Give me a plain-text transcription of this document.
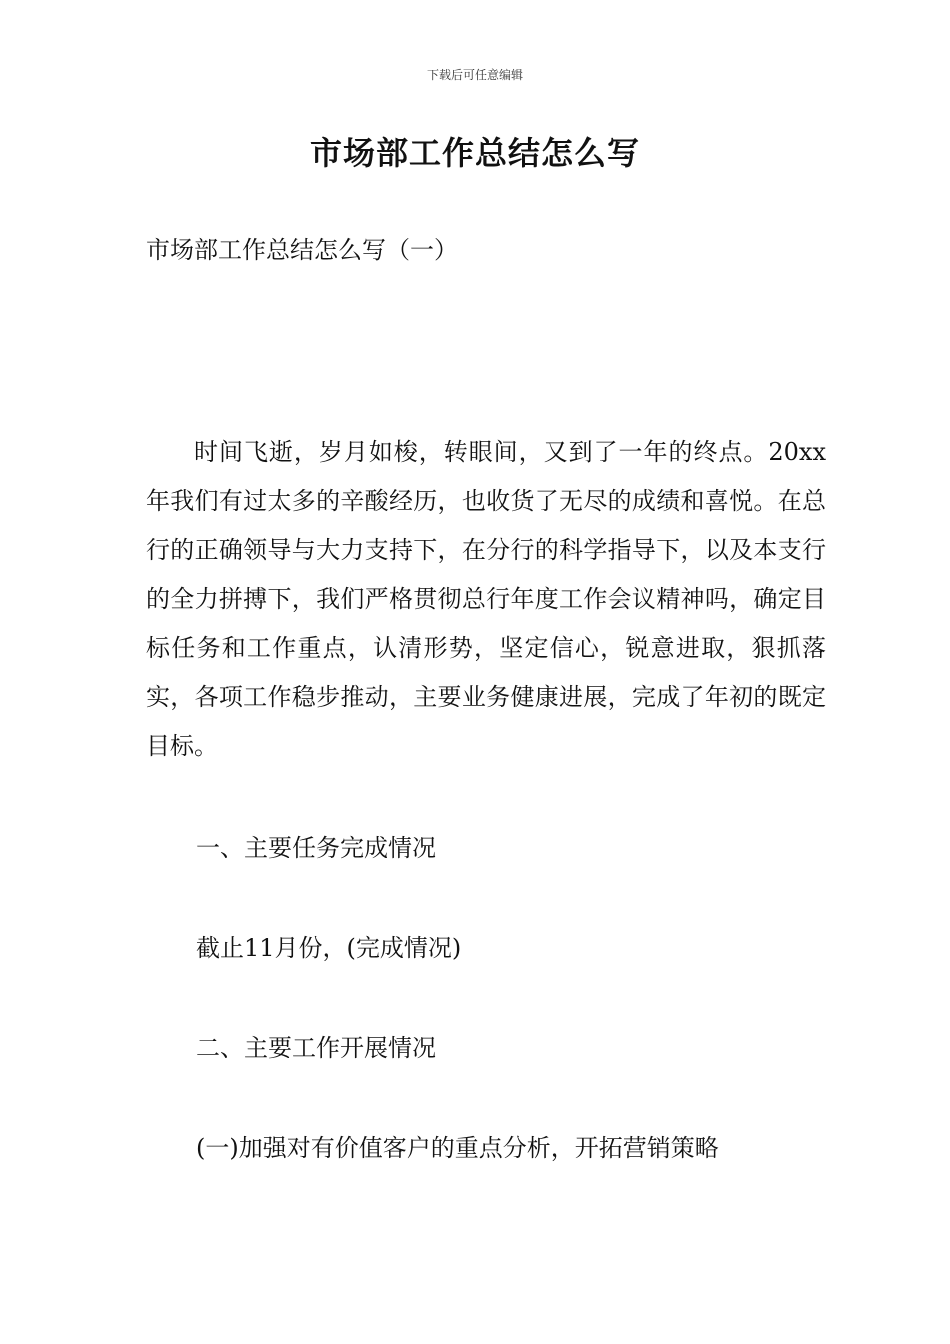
下载后可任意编辑
市场部工作总结怎么写
市场部工作总结怎么写（一）

时间飞逝，岁月如梭，转眼间，又到了一年的终点。20xx年我们有过太多的辛酸经历，也收货了无尽的成绩和喜悦。在总行的正确领导与大力支持下，在分行的科学指导下，以及本支行的全力拼搏下，我们严格贯彻总行年度工作会议精神吗，确定目标任务和工作重点，认清形势，坚定信心，锐意进取，狠抓落实，各项工作稳步推动，主要业务健康进展，完成了年初的既定目标。

一、主要任务完成情况

截止11月份，(完成情况)

二、主要工作开展情况

(一)加强对有价值客户的重点分析，开拓营销策略
